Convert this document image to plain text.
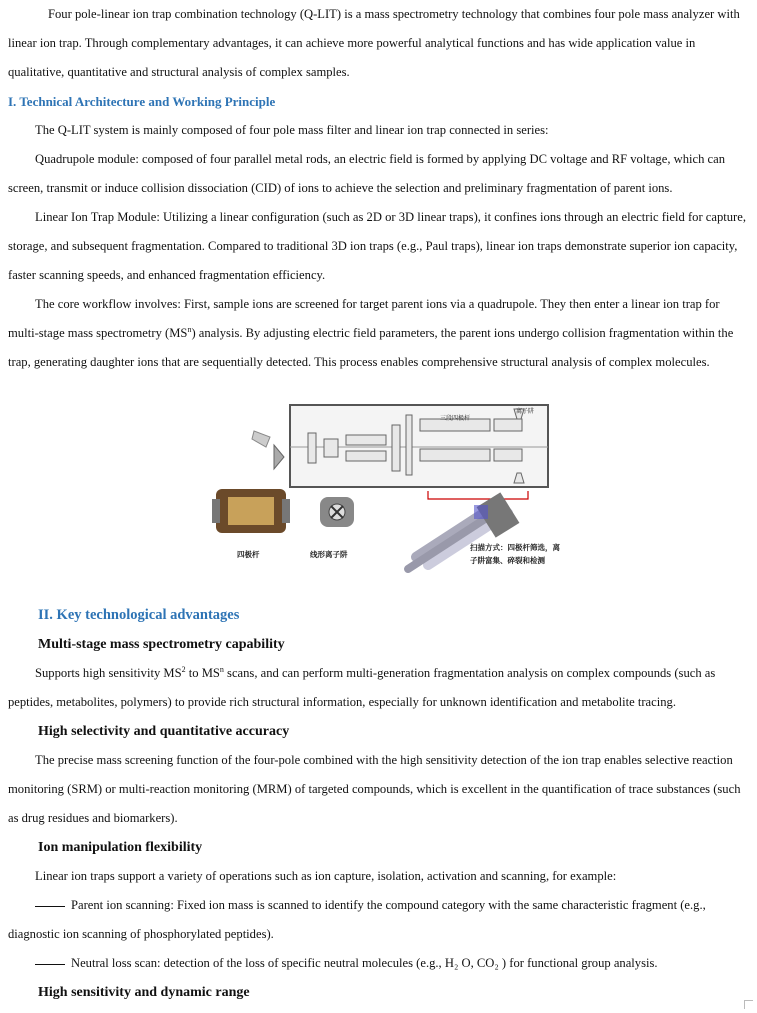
Four pole-linear ion trap combination technology (Q-LIT) is a mass spectrometry technology that combines four pole mass analyzer with linear ion trap. Through complementary advantages, it can achieve more powerful analytical functions and has wide application value in qualitative, quantitative and structural analysis of complex samples.

I. Technical Architecture and Working Principle

The Q-LIT system is mainly composed of four pole mass filter and linear ion trap connected in series:

Quadrupole module: composed of four parallel metal rods, an electric field is formed by applying DC voltage and RF voltage, which can screen, transmit or induce collision dissociation (CID) of ions to achieve the selection and preliminary fragmentation of parent ions.

Linear Ion Trap Module: Utilizing a linear configuration (such as 2D or 3D linear traps), it confines ions through an electric field for capture, storage, and subsequent fragmentation. Compared to traditional 3D ion traps (e.g., Paul traps), linear ion traps demonstrate superior ion capacity, faster scanning speeds, and enhanced fragmentation efficiency.

The core workflow involves: First, sample ions are screened for target parent ions via a quadrupole. They then enter a linear ion trap for multi-stage mass spectrometry $(MS^n)$ analysis. By adjusting electric field parameters, the parent ions undergo collision fragmentation within the trap, generating daughter ions that are sequentially detected. This process enables comprehensive structural analysis of complex molecules.

三段四极杆
离子阱
四极杆	线形离子阱
扫描方式：四极杆筛选，离
子阱富集、碎裂和检测
II. Key technological advantages
Multi-stage mass spectrometry capability

Supports high sensitivity $MS^2$ to $MS^n$ scans, and can perform multi-generation fragmentation analysis on complex compounds (such as peptides, metabolites, polymers) to provide rich structural information, especially for unknown identification and metabolite tracing.

High selectivity and quantitative accuracy

The precise mass screening function of the four-pole combined with the high sensitivity detection of the ion trap enables selective reaction monitoring (SRM) or multi-reaction monitoring (MRM) of targeted compounds, which is excellent in the quantification of trace substances (such as drug residues and biomarkers).

Ion manipulation flexibility

Linear ion traps support a variety of operations such as ion capture, isolation, activation and scanning, for example:

Parent ion scanning: Fixed ion mass is scanned to identify the compound category with the same characteristic fragment (e.g., diagnostic ion scanning of phosphorylated peptides).

Neutral loss scan: detection of the loss of specific neutral molecules (e.g., H₂ O, CO₂ ) for functional group analysis.

High sensitivity and dynamic range
